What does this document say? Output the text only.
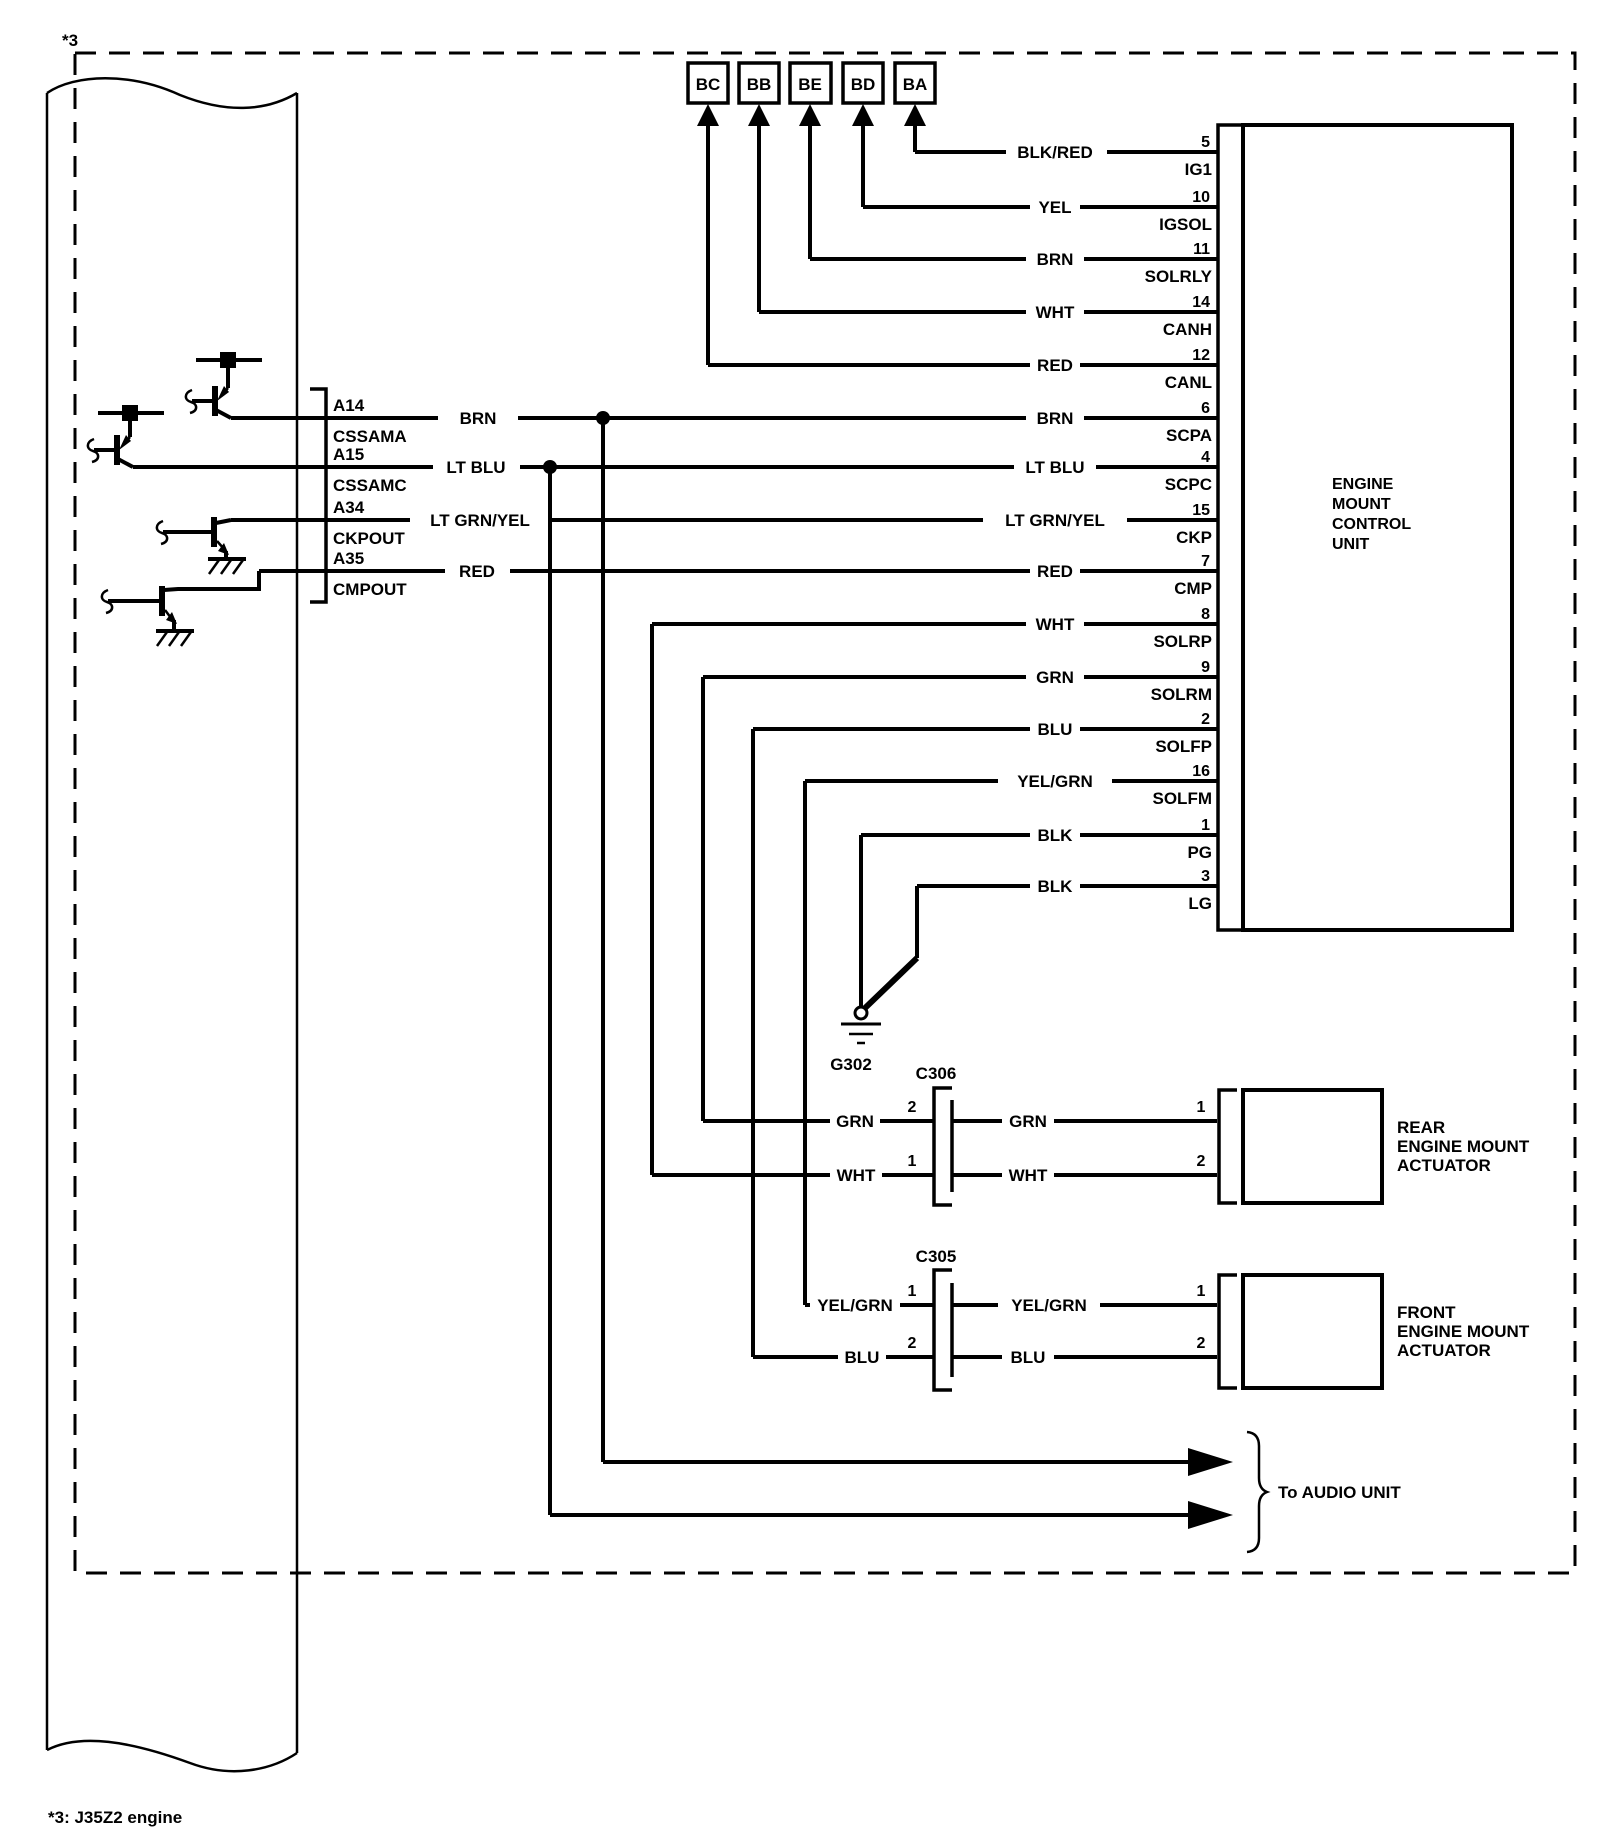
*3
*3: J35Z2 engine
A14
CSSAMA
A15
CSSAMC
A34
CKPOUT
A35
CMPOUT
BC BB BE BD BA
BLK/RED
5
IG1
YEL
10
IGSOL
BRN
11
SOLRLY
WHT
14
CANH
RED
12
CANL
BRN	BRN
6
SCPA
LT BLU	LT BLU
4
SCPC
LT GRN/YEL	LT GRN/YEL
15
CKP
RED	RED
7
CMP
WHT
8
SOLRP
GRN
9
SOLRM
BLU
2
SOLFP
YEL/GRN
16
SOLFM
BLK
1
PG
BLK
3
LG
G302	C306
GRN
2
GRN
1
WHT
1
WHT
2
C305
YEL/GRN
1
YEL/GRN
1
BLU
2
BLU
2
REAR
ENGINE MOUNT
ACTUATOR
FRONT
ENGINE MOUNT
ACTUATOR
To AUDIO UNIT
ENGINE
MOUNT
CONTROL
UNIT
